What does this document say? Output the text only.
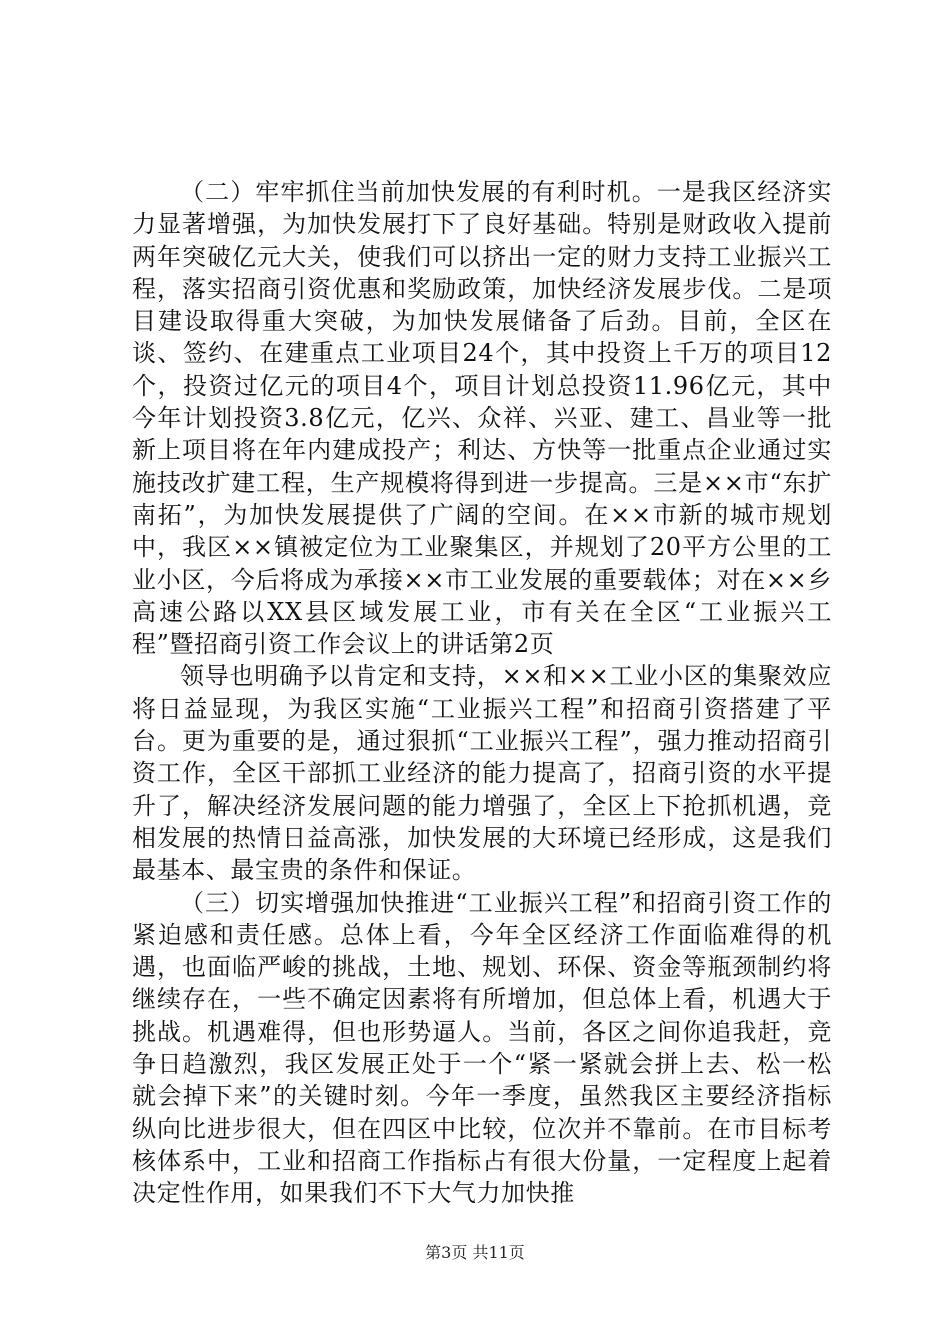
（二）牢牢抓住当前加快发展的有利时机。一是我区经济实力显著增强，为加快发展打下了良好基础。特别是财政收入提前两年突破亿元大关，使我们可以挤出一定的财力支持工业振兴工程，落实招商引资优惠和奖励政策，加快经济发展步伐。二是项目建设取得重大突破，为加快发展储备了后劲。目前，全区在谈、签约、在建重点工业项目24个，其中投资上千万的项目12个，投资过亿元的项目4个，项目计划总投资11.96亿元，其中今年计划投资3.8亿元，亿兴、众祥、兴亚、建工、昌业等一批新上项目将在年内建成投产；利达、方快等一批重点企业通过实施技改扩建工程，生产规模将得到进一步提高。三是××市“东扩南拓”，为加快发展提供了广阔的空间。在××市新的城市规划中，我区××镇被定位为工业聚集区，并规划了20平方公里的工业小区，今后将成为承接××市工业发展的重要载体；对在××乡高速公路以XX县区域发展工业，市有关在全区“工业振兴工程”暨招商引资工作会议上的讲话第2页

领导也明确予以肯定和支持，××和××工业小区的集聚效应将日益显现，为我区实施“工业振兴工程”和招商引资搭建了平台。更为重要的是，通过狠抓“工业振兴工程”，强力推动招商引资工作，全区干部抓工业经济的能力提高了，招商引资的水平提升了，解决经济发展问题的能力增强了，全区上下抢抓机遇，竞相发展的热情日益高涨，加快发展的大环境已经形成，这是我们最基本、最宝贵的条件和保证。

（三）切实增强加快推进“工业振兴工程”和招商引资工作的紧迫感和责任感。总体上看，今年全区经济工作面临难得的机遇，也面临严峻的挑战，土地、规划、环保、资金等瓶颈制约将继续存在，一些不确定因素将有所增加，但总体上看，机遇大于挑战。机遇难得，但也形势逼人。当前，各区之间你追我赶，竞争日趋激烈，我区发展正处于一个“紧一紧就会拼上去、松一松就会掉下来”的关键时刻。今年一季度，虽然我区主要经济指标纵向比进步很大，但在四区中比较，位次并不靠前。在市目标考核体系中，工业和招商工作指标占有很大份量，一定程度上起着决定性作用，如果我们不下大气力加快推

第3页 共11页
